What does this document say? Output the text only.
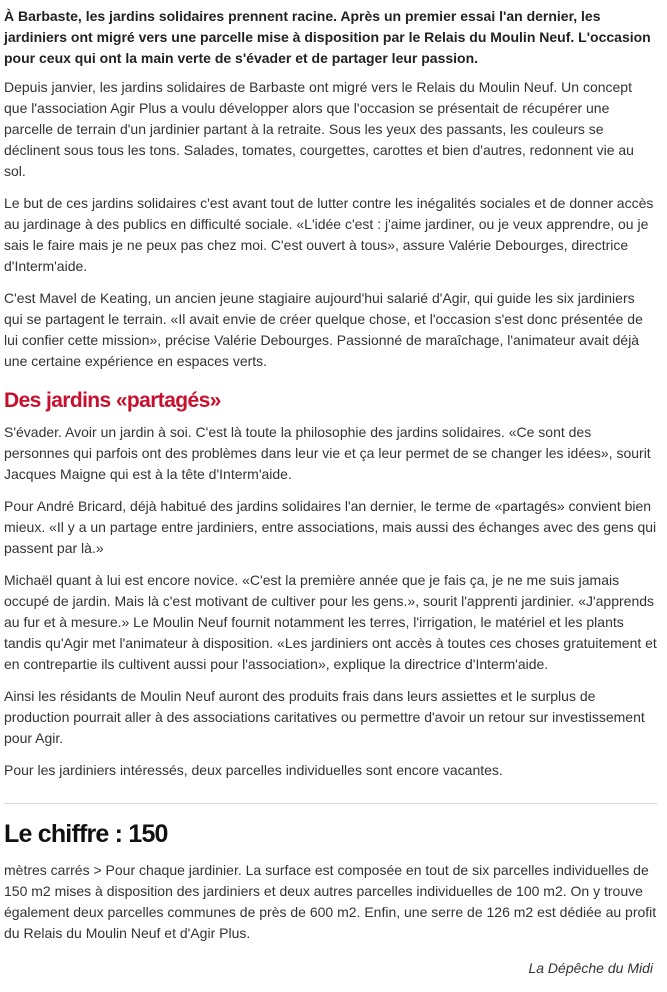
À Barbaste, les jardins solidaires prennent racine. Après un premier essai l'an dernier, les jardiniers ont migré vers une parcelle mise à disposition par le Relais du Moulin Neuf. L'occasion pour ceux qui ont la main verte de s'évader et de partager leur passion.

Depuis janvier, les jardins solidaires de Barbaste ont migré vers le Relais du Moulin Neuf. Un concept que l'association Agir Plus a voulu développer alors que l'occasion se présentait de récupérer une parcelle de terrain d'un jardinier partant à la retraite. Sous les yeux des passants, les couleurs se déclinent sous tous les tons. Salades, tomates, courgettes, carottes et bien d'autres, redonnent vie au sol.

Le but de ces jardins solidaires c'est avant tout de lutter contre les inégalités sociales et de donner accès au jardinage à des publics en difficulté sociale. «L'idée c'est : j'aime jardiner, ou je veux apprendre, ou je sais le faire mais je ne peux pas chez moi. C'est ouvert à tous», assure Valérie Debourges, directrice d'Interm'aide.

C'est Mavel de Keating, un ancien jeune stagiaire aujourd'hui salarié d'Agir, qui guide les six jardiniers qui se partagent le terrain. «Il avait envie de créer quelque chose, et l'occasion s'est donc présentée de lui confier cette mission», précise Valérie Debourges. Passionné de maraîchage, l'animateur avait déjà une certaine expérience en espaces verts.

Des jardins «partagés»

S'évader. Avoir un jardin à soi. C'est là toute la philosophie des jardins solidaires. «Ce sont des personnes qui parfois ont des problèmes dans leur vie et ça leur permet de se changer les idées», sourit Jacques Maigne qui est à la tête d'Interm'aide.

Pour André Bricard, déjà habitué des jardins solidaires l'an dernier, le terme de «partagés» convient bien mieux. «Il y a un partage entre jardiniers, entre associations, mais aussi des échanges avec des gens qui passent par là.»

Michaël quant à lui est encore novice. «C'est la première année que je fais ça, je ne me suis jamais occupé de jardin. Mais là c'est motivant de cultiver pour les gens.», sourit l'apprenti jardinier. «J'apprends au fur et à mesure.» Le Moulin Neuf fournit notamment les terres, l'irrigation, le matériel et les plants tandis qu'Agir met l'animateur à disposition. «Les jardiniers ont accès à toutes ces choses gratuitement et en contrepartie ils cultivent aussi pour l'association», explique la directrice d'Interm'aide.

Ainsi les résidants de Moulin Neuf auront des produits frais dans leurs assiettes et le surplus de production pourrait aller à des associations caritatives ou permettre d'avoir un retour sur investissement pour Agir.

Pour les jardiniers intéressés, deux parcelles individuelles sont encore vacantes.

Le chiffre : 150

mètres carrés > Pour chaque jardinier. La surface est composée en tout de six parcelles individuelles de 150 m2 mises à disposition des jardiniers et deux autres parcelles individuelles de 100 m2. On y trouve également deux parcelles communes de près de 600 m2. Enfin, une serre de 126 m2 est dédiée au profit du Relais du Moulin Neuf et d'Agir Plus.

La Dépêche du Midi
